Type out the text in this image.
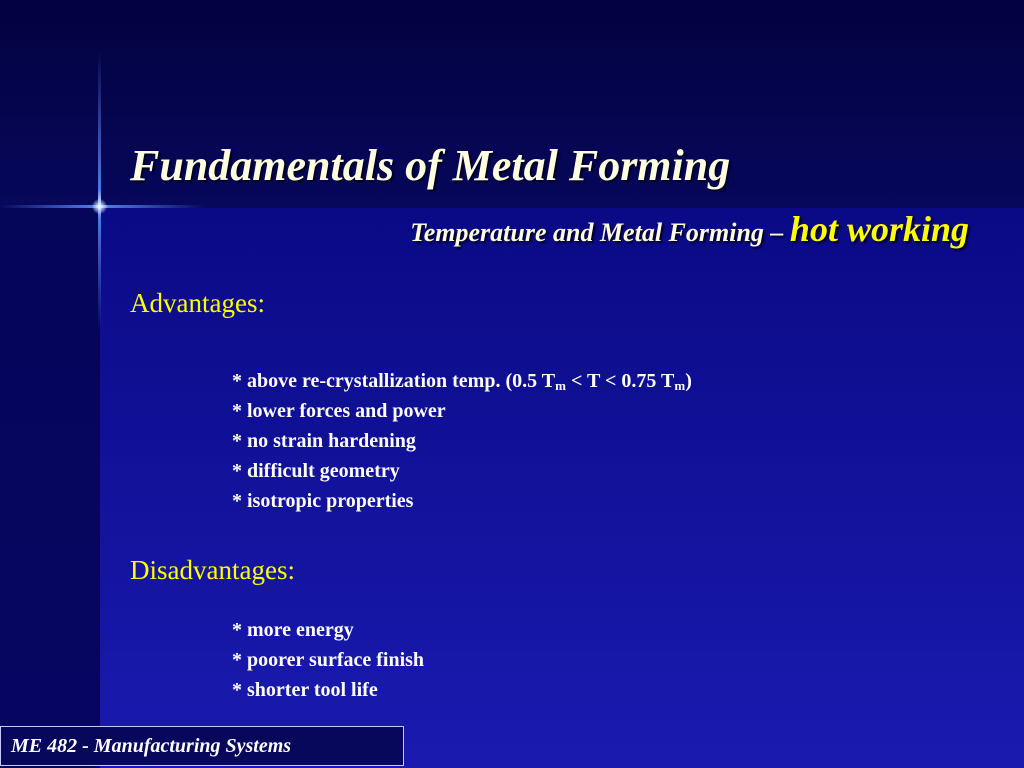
Fundamentals of Metal Forming
Temperature and Metal Forming – hot working
Advantages:
* above re-crystallization temp. (0.5 $T_m < T < 0.75$ $T_m$)
* lower forces and power
* no strain hardening
* difficult geometry
* isotropic properties
Disadvantages:
* more energy
* poorer surface finish
* shorter tool life
ME 482 - Manufacturing Systems
